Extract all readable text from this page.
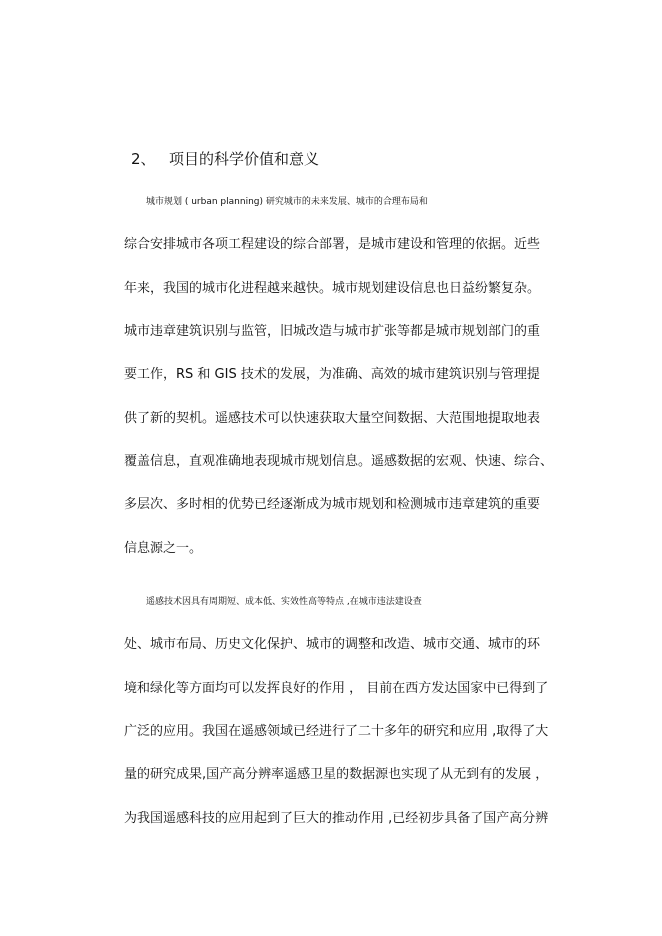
2、 项目的科学价值和意义
城市规划 ( urban planning) 研究城市的未来发展、城市的合理布局和
综合安排城市各项工程建设的综合部署，是城市建设和管理的依据。近些
年来，我国的城市化进程越来越快。城市规划建设信息也日益纷繁复杂。
城市违章建筑识别与监管，旧城改造与城市扩张等都是城市规划部门的重
要工作，RS 和 GIS 技术的发展，为准确、高效的城市建筑识别与管理提
供了新的契机。遥感技术可以快速获取大量空间数据、大范围地提取地表
覆盖信息，直观准确地表现城市规划信息。遥感数据的宏观、快速、综合、
多层次、多时相的优势已经逐渐成为城市规划和检测城市违章建筑的重要
信息源之一。
遥感技术因具有周期短、成本低、实效性高等特点 ,在城市违法建设查
处、城市布局、历史文化保护、城市的调整和改造、城市交通、城市的环
境和绿化等方面均可以发挥良好的作用 ， 目前在西方发达国家中已得到了
广泛的应用。我国在遥感领域已经进行了二十多年的研究和应用 ,取得了大
量的研究成果,国产高分辨率遥感卫星的数据源也实现了从无到有的发展 ，
为我国遥感科技的应用起到了巨大的推动作用 ,已经初步具备了国产高分辨
